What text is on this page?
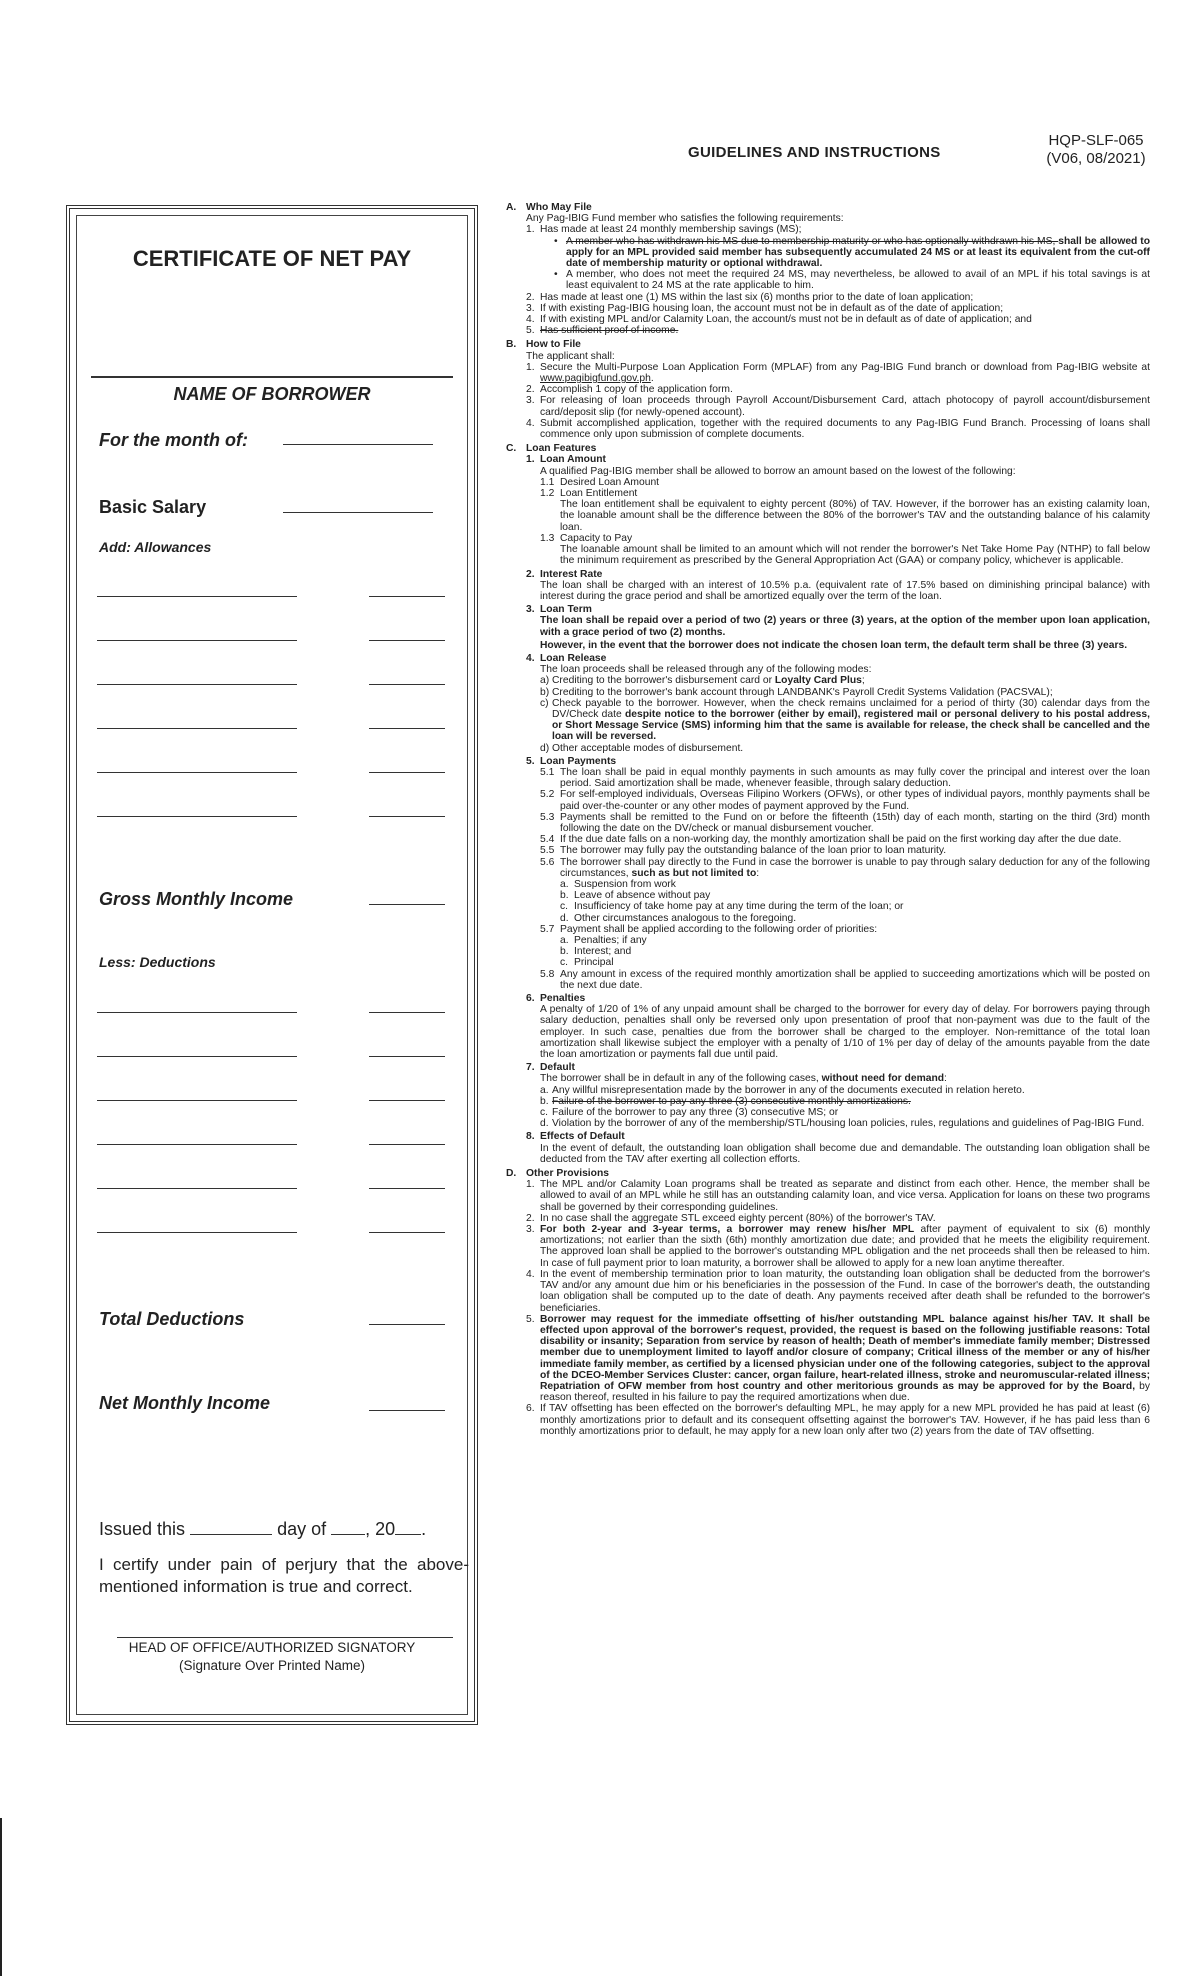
GUIDELINES AND INSTRUCTIONS
HQP-SLF-065
(V06, 08/2021)
CERTIFICATE OF NET PAY
NAME OF BORROWER
For the month of:
Basic Salary
Add: Allowances
Gross Monthly Income
Less: Deductions
Total Deductions
Net Monthly Income
Issued this	day of , 20 .
I certify under pain of perjury that the above-mentioned information is true and correct.
HEAD OF OFFICE/AUTHORIZED SIGNATORY
(Signature Over Printed Name)
A. Who May File
Any Pag-IBIG Fund member who satisfies the following requirements:
1. Has made at least 24 monthly membership savings (MS);
• A member who has withdrawn his MS due to membership maturity or who has optionally withdrawn his MS, shall be allowed to apply for an MPL provided said member has subsequently accumulated 24 MS or at least its equivalent from the cut-off date of membership maturity or optional withdrawal.
• A member, who does not meet the required 24 MS, may nevertheless, be allowed to avail of an MPL if his total savings is at least equivalent to 24 MS at the rate applicable to him.
2. Has made at least one (1) MS within the last six (6) months prior to the date of loan application;
3. If with existing Pag-IBIG housing loan, the account must not be in default as of the date of application;
4. If with existing MPL and/or Calamity Loan, the account/s must not be in default as of date of application; and
5. Has sufficient proof of income.
B. How to File
The applicant shall:
1. Secure the Multi-Purpose Loan Application Form (MPLAF) from any Pag-IBIG Fund branch or download from Pag-IBIG website at www.pagibigfund.gov.ph.
2. Accomplish 1 copy of the application form.
3. For releasing of loan proceeds through Payroll Account/Disbursement Card, attach photocopy of payroll account/disbursement card/deposit slip (for newly-opened account).
4. Submit accomplished application, together with the required documents to any Pag-IBIG Fund Branch. Processing of loans shall commence only upon submission of complete documents.
C. Loan Features
1. Loan Amount
A qualified Pag-IBIG member shall be allowed to borrow an amount based on the lowest of the following:
1.1 Desired Loan Amount
1.2 Loan Entitlement
The loan entitlement shall be equivalent to eighty percent (80%) of TAV. However, if the borrower has an existing calamity loan, the loanable amount shall be the difference between the 80% of the borrower's TAV and the outstanding balance of his calamity loan.
1.3 Capacity to Pay
The loanable amount shall be limited to an amount which will not render the borrower's Net Take Home Pay (NTHP) to fall below the minimum requirement as prescribed by the General Appropriation Act (GAA) or company policy, whichever is applicable.
2. Interest Rate
The loan shall be charged with an interest of 10.5% p.a. (equivalent rate of 17.5% based on diminishing principal balance) with interest during the grace period and shall be amortized equally over the term of the loan.
3. Loan Term
The loan shall be repaid over a period of two (2) years or three (3) years, at the option of the member upon loan application, with a grace period of two (2) months.
However, in the event that the borrower does not indicate the chosen loan term, the default term shall be three (3) years.
4. Loan Release
The loan proceeds shall be released through any of the following modes:
a) Crediting to the borrower's disbursement card or Loyalty Card Plus;
b) Crediting to the borrower's bank account through LANDBANK's Payroll Credit Systems Validation (PACSVAL);
c) Check payable to the borrower. However, when the check remains unclaimed for a period of thirty (30) calendar days from the DV/Check date despite notice to the borrower (either by email), registered mail or personal delivery to his postal address, or Short Message Service (SMS) informing him that the same is available for release, the check shall be cancelled and the loan will be reversed.
d) Other acceptable modes of disbursement.
5. Loan Payments
5.1 The loan shall be paid in equal monthly payments in such amounts as may fully cover the principal and interest over the loan period. Said amortization shall be made, whenever feasible, through salary deduction.
5.2 For self-employed individuals, Overseas Filipino Workers (OFWs), or other types of individual payors, monthly payments shall be paid over-the-counter or any other modes of payment approved by the Fund.
5.3 Payments shall be remitted to the Fund on or before the fifteenth (15th) day of each month, starting on the third (3rd) month following the date on the DV/check or manual disbursement voucher.
5.4 If the due date falls on a non-working day, the monthly amortization shall be paid on the first working day after the due date.
5.5 The borrower may fully pay the outstanding balance of the loan prior to loan maturity.
5.6 The borrower shall pay directly to the Fund in case the borrower is unable to pay through salary deduction for any of the following circumstances, such as but not limited to:
a. Suspension from work
b. Leave of absence without pay
c. Insufficiency of take home pay at any time during the term of the loan; or
d. Other circumstances analogous to the foregoing.
5.7 Payment shall be applied according to the following order of priorities:
a. Penalties; if any
b. Interest; and
c. Principal
5.8 Any amount in excess of the required monthly amortization shall be applied to succeeding amortizations which will be posted on the next due date.
6. Penalties
A penalty of 1/20 of 1% of any unpaid amount shall be charged to the borrower for every day of delay. For borrowers paying through salary deduction, penalties shall only be reversed only upon presentation of proof that non-payment was due to the fault of the employer. In such case, penalties due from the borrower shall be charged to the employer. Non-remittance of the total loan amortization shall likewise subject the employer with a penalty of 1/10 of 1% per day of delay of the amounts payable from the date the loan amortization or payments fall due until paid.
7. Default
The borrower shall be in default in any of the following cases, without need for demand:
a. Any willful misrepresentation made by the borrower in any of the documents executed in relation hereto.
b. Failure of the borrower to pay any three (3) consecutive monthly amortizations.
c. Failure of the borrower to pay any three (3) consecutive MS; or
d. Violation by the borrower of any of the membership/STL/housing loan policies, rules, regulations and guidelines of Pag-IBIG Fund.
8. Effects of Default
In the event of default, the outstanding loan obligation shall become due and demandable. The outstanding loan obligation shall be deducted from the TAV after exerting all collection efforts.
D. Other Provisions
1. The MPL and/or Calamity Loan programs shall be treated as separate and distinct from each other. Hence, the member shall be allowed to avail of an MPL while he still has an outstanding calamity loan, and vice versa. Application for loans on these two programs shall be governed by their corresponding guidelines.
2. In no case shall the aggregate STL exceed eighty percent (80%) of the borrower's TAV.
3. For both 2-year and 3-year terms, a borrower may renew his/her MPL after payment of equivalent to six (6) monthly amortizations; not earlier than the sixth (6th) monthly amortization due date; and provided that he meets the eligibility requirement. The approved loan shall be applied to the borrower's outstanding MPL obligation and the net proceeds shall then be released to him. In case of full payment prior to loan maturity, a borrower shall be allowed to apply for a new loan anytime thereafter.
4. In the event of membership termination prior to loan maturity, the outstanding loan obligation shall be deducted from the borrower's TAV and/or any amount due him or his beneficiaries in the possession of the Fund. In case of the borrower's death, the outstanding loan obligation shall be computed up to the date of death. Any payments received after death shall be refunded to the borrower's beneficiaries.
5. Borrower may request for the immediate offsetting of his/her outstanding MPL balance against his/her TAV. It shall be effected upon approval of the borrower's request, provided, the request is based on the following justifiable reasons: Total disability or insanity; Separation from service by reason of health; Death of member's immediate family member; Distressed member due to unemployment limited to layoff and/or closure of company; Critical illness of the member or any of his/her immediate family member, as certified by a licensed physician under one of the following categories, subject to the approval of the DCEO-Member Services Cluster: cancer, organ failure, heart-related illness, stroke and neuromuscular-related illness; Repatriation of OFW member from host country and other meritorious grounds as may be approved for by the Board, by reason thereof, resulted in his failure to pay the required amortizations when due.
6. If TAV offsetting has been effected on the borrower's defaulting MPL, he may apply for a new MPL provided he has paid at least (6) monthly amortizations prior to default and its consequent offsetting against the borrower's TAV. However, if he has paid less than 6 monthly amortizations prior to default, he may apply for a new loan only after two (2) years from the date of TAV offsetting.
